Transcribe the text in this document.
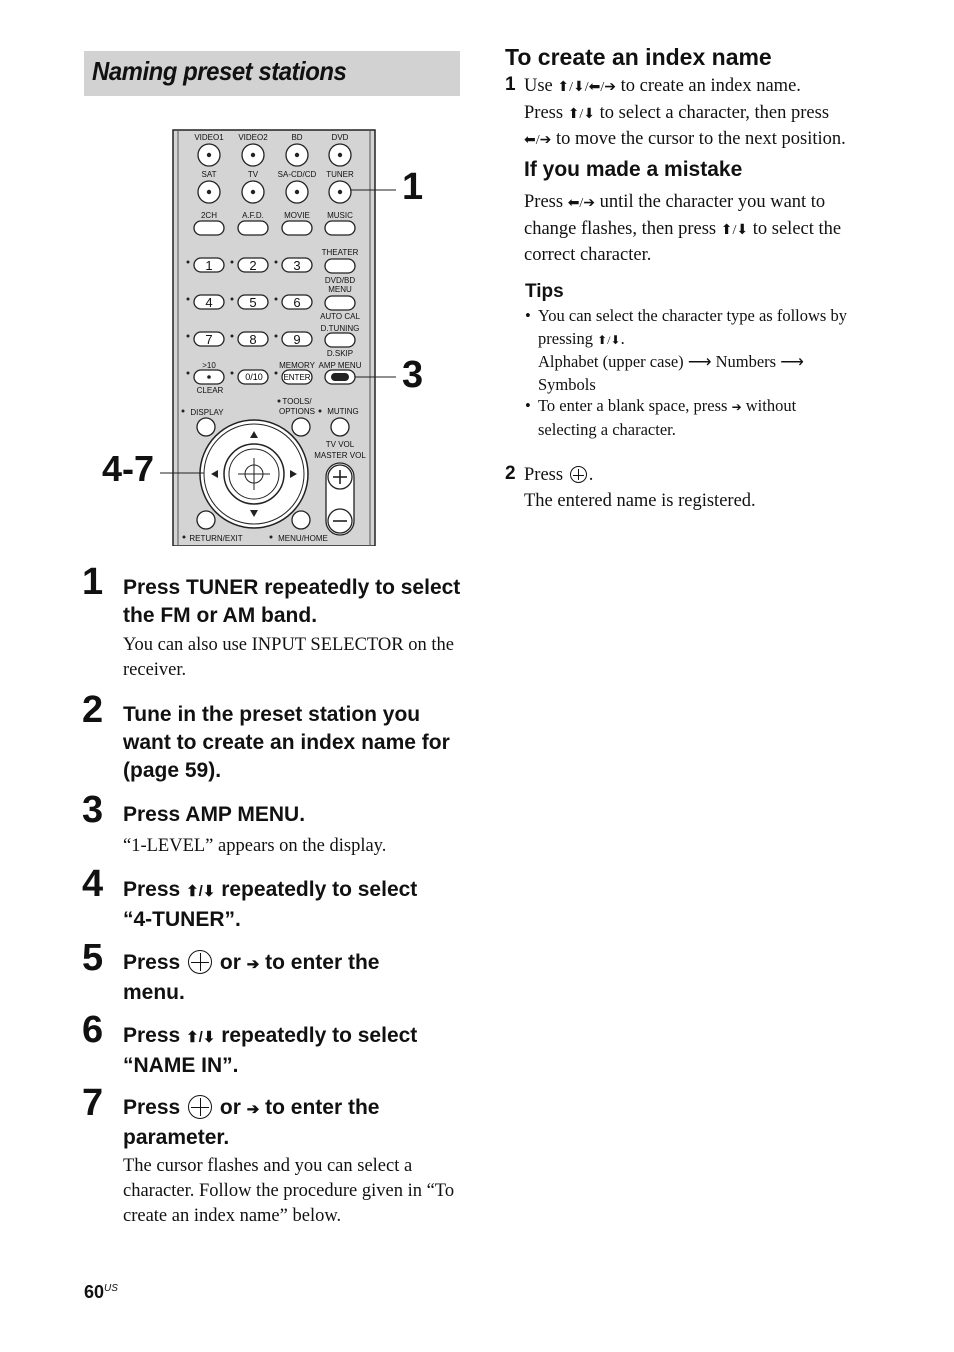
Naming preset stations
VIDEO1 VIDEO2	BD	DVD
SAT	TV SA-CD/CD TUNER
2CH	A.F.D.	MOVIE MUSIC
THEATER
DVD/BD
MENU
AUTO CAL
D.TUNING
D.SKIP
>10
CLEAR
MEMORY AMP MENU
DISPLAY
TOOLS/
OPTIONS MUTING
TV VOL
MASTER VOL
RETURN/EXIT	MENU/HOME
1	2	3
4	5	6
7	8	9
0/10	ENTER
1
3
4-7
1 Press TUNER repeatedly to select the FM or AM band.
You can also use INPUT SELECTOR on the receiver.
2 Tune in the preset station you want to create an index name for (page 59).
3 Press AMP MENU.
“1-LEVEL” appears on the display.
4 Press ⬆/⬇ repeatedly to select
“4-TUNER”.
5 Press  or ➔ to enter the
menu.
6 Press ⬆/⬇ repeatedly to select
“NAME IN”.
7 Press  or ➔ to enter the
parameter.
The cursor flashes and you can select a character. Follow the procedure given in “To create an index name” below.
To create an index name
1 Use ⬆/⬇/⬅/➔ to create an index name.
Press ⬆/⬇ to select a character, then press
⬅/➔ to move the cursor to the next position.
If you made a mistake
Press ⬅/➔ until the character you want to
change flashes, then press ⬆/⬇ to select the
correct character.
Tips
• You can select the character type as follows by
pressing ⬆/⬇.
Alphabet (upper case) ⟶ Numbers ⟶
Symbols
• To enter a blank space, press ➔ without
selecting a character.
2 Press .
The entered name is registered.
$60^{US}$
